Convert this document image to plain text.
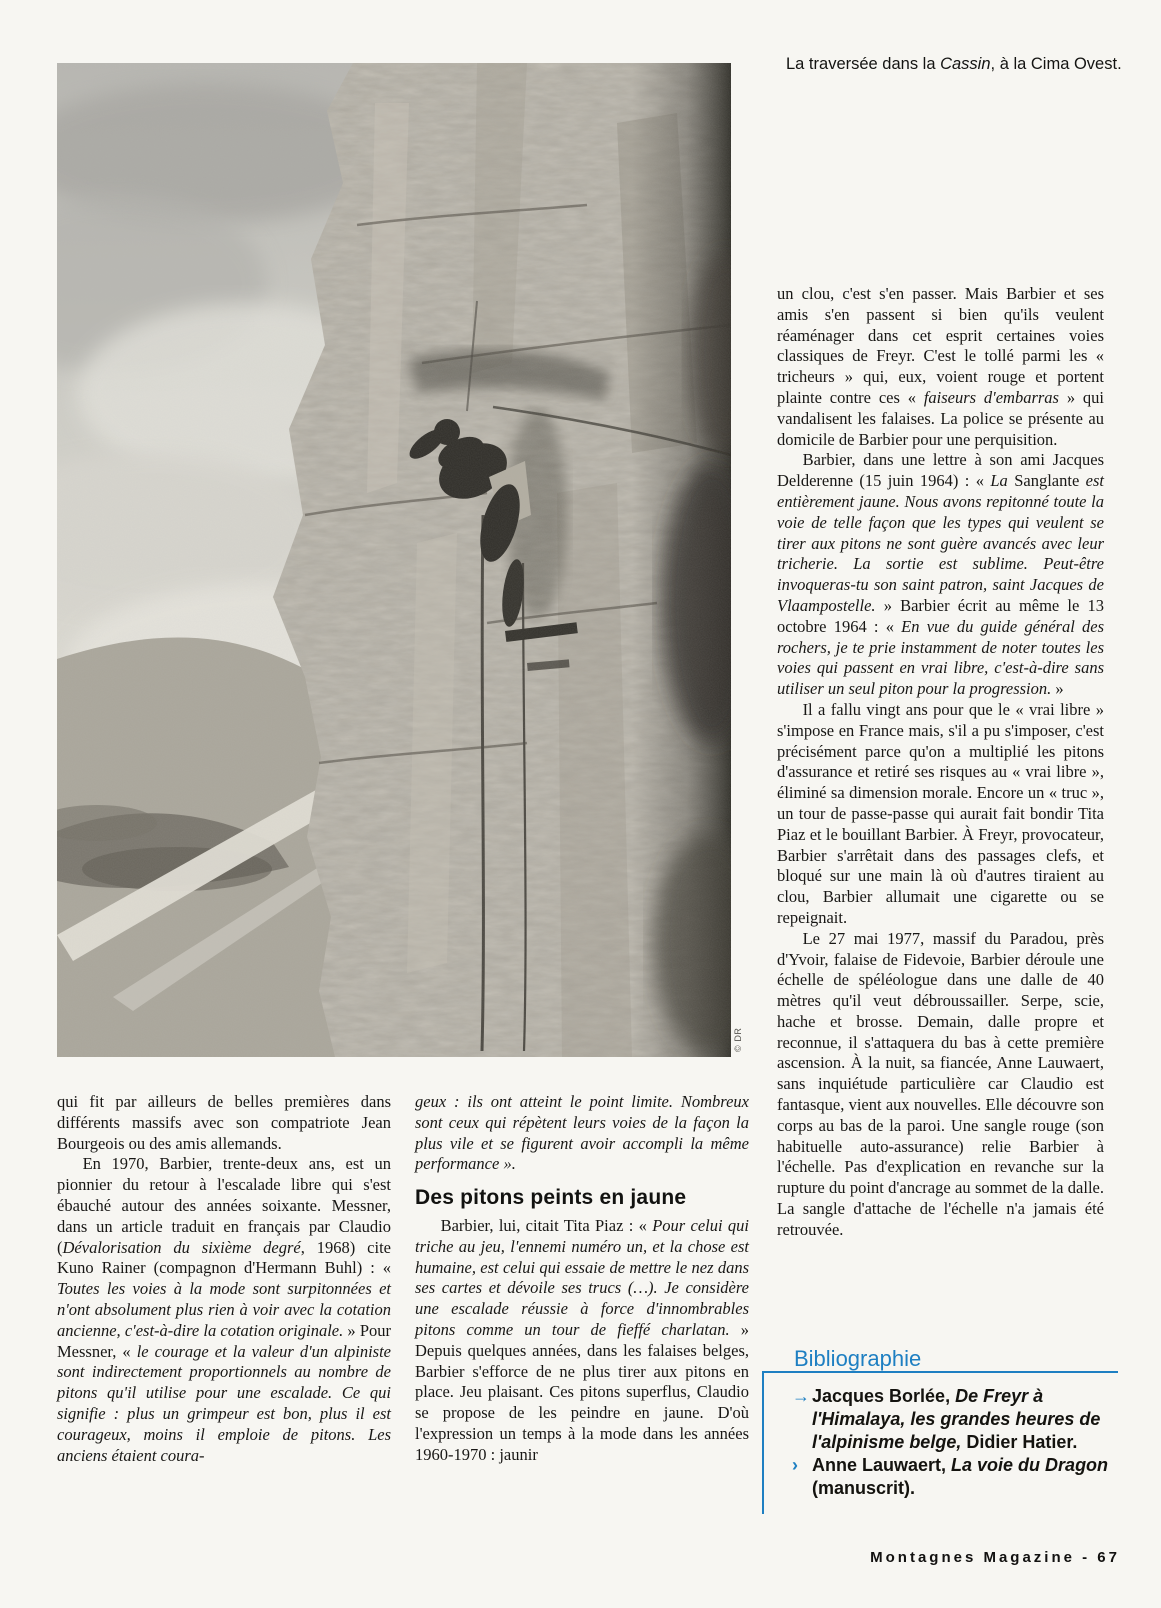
© DR
La traversée dans la Cassin, à la Cima Ovest.

un clou, c'est s'en passer. Mais Barbier et ses amis s'en passent si bien qu'ils veulent réaménager dans cet esprit certaines voies classiques de Freyr. C'est le tollé parmi les « tricheurs » qui, eux, voient rouge et portent plainte contre ces « faiseurs d'embarras » qui vandalisent les falaises. La police se présente au domicile de Barbier pour une perquisition.

Barbier, dans une lettre à son ami Jacques Delderenne (15 juin 1964) : « La Sanglante est entièrement jaune. Nous avons repitonné toute la voie de telle façon que les types qui veulent se tirer aux pitons ne sont guère avancés avec leur tricherie. La sortie est sublime. Peut-être invoqueras-tu son saint patron, saint Jacques de Vlaampostelle. » Barbier écrit au même le 13 octobre 1964 : « En vue du guide général des rochers, je te prie instamment de noter toutes les voies qui passent en vrai libre, c'est-à-dire sans utiliser un seul piton pour la progression. »

Il a fallu vingt ans pour que le « vrai libre » s'impose en France mais, s'il a pu s'imposer, c'est précisément parce qu'on a multiplié les pitons d'assurance et retiré ses risques au « vrai libre », éliminé sa dimension morale. Encore un « truc », un tour de passe-passe qui aurait fait bondir Tita Piaz et le bouillant Barbier. À Freyr, provocateur, Barbier s'arrêtait dans des passages clefs, et bloqué sur une main là où d'autres tiraient au clou, Barbier allumait une cigarette ou se repeignait.

Le 27 mai 1977, massif du Paradou, près d'Yvoir, falaise de Fidevoie, Barbier déroule une échelle de spéléologue dans une dalle de 40 mètres qu'il veut débroussailler. Serpe, scie, hache et brosse. Demain, dalle propre et reconnue, il s'attaquera du bas à cette première ascension. À la nuit, sa fiancée, Anne Lauwaert, sans inquiétude particulière car Claudio est fantasque, vient aux nouvelles. Elle découvre son corps au bas de la paroi. Une sangle rouge (son habituelle auto-assurance) relie Barbier à l'échelle. Pas d'explication en revanche sur la rupture du point d'ancrage au sommet de la dalle. La sangle d'attache de l'échelle n'a jamais été retrouvée.

qui fit par ailleurs de belles premières dans différents massifs avec son compatriote Jean Bourgeois ou des amis allemands.

En 1970, Barbier, trente-deux ans, est un pionnier du retour à l'escalade libre qui s'est ébauché autour des années soixante. Messner, dans un article traduit en français par Claudio (Dévalorisation du sixième degré, 1968) cite Kuno Rainer (compagnon d'Hermann Buhl) : « Toutes les voies à la mode sont surpitonnées et n'ont absolument plus rien à voir avec la cotation ancienne, c'est-à-dire la cotation originale. » Pour Messner, « le courage et la valeur d'un alpiniste sont indirectement proportionnels au nombre de pitons qu'il utilise pour une escalade. Ce qui signifie : plus un grimpeur est bon, plus il est courageux, moins il emploie de pitons. Les anciens étaient coura-

geux : ils ont atteint le point limite. Nombreux sont ceux qui répètent leurs voies de la façon la plus vile et se figurent avoir accompli la même performance ».

Des pitons peints en jaune

Barbier, lui, citait Tita Piaz : « Pour celui qui triche au jeu, l'ennemi numéro un, et la chose est humaine, est celui qui essaie de mettre le nez dans ses cartes et dévoile ses trucs (…). Je considère une escalade réussie à force d'innombrables pitons comme un tour de fieffé charlatan. » Depuis quelques années, dans les falaises belges, Barbier s'efforce de ne plus tirer aux pitons en place. Jeu plaisant. Ces pitons superflus, Claudio se propose de les peindre en jaune. D'où l'expression un temps à la mode dans les années 1960-1970 : jaunir

Bibliographie
→ Jacques Borlée, De Freyr à l'Himalaya, les grandes heures de l'alpinisme belge, Didier Hatier.
› Anne Lauwaert, La voie du Dragon (manuscrit).
Montagnes Magazine - 67
